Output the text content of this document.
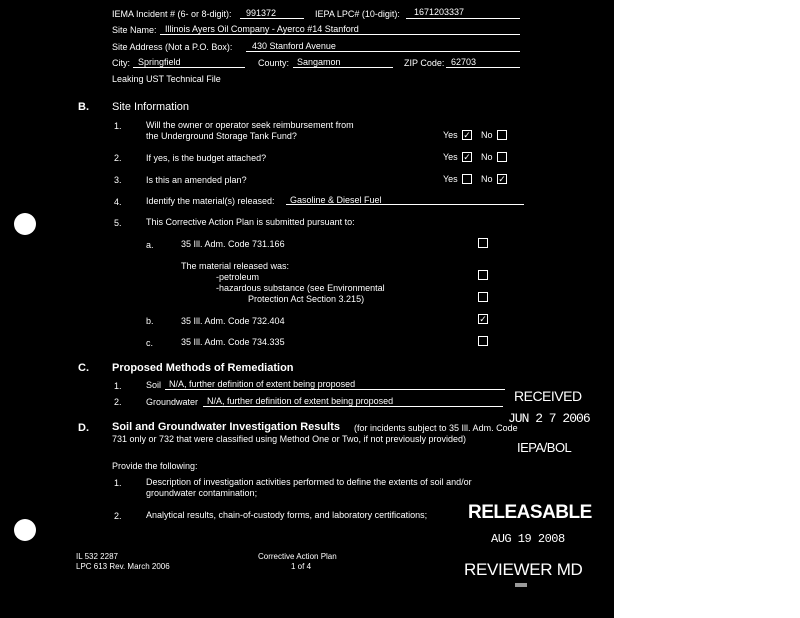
IEMA Incident # (6- or 8-digit): 991372	IEPA LPC# (10-digit): 1671203337
Site Name: Illinois Ayers Oil Company - Ayerco #14 Stanford
Site Address (Not a P.O. Box): 430 Stanford Avenue
City: Springfield	County: Sangamon	ZIP Code: 62703
Leaking UST Technical File
B. Site Information
1.	Will the owner or operator seek reimbursement from
the Underground Storage Tank Fund?	Yes ✓ No
2.	If yes, is the budget attached?	Yes ✓ No
3.	Is this an amended plan?	Yes	No ✓
4.	Identify the material(s) released: Gasoline & Diesel Fuel
5.	This Corrective Action Plan is submitted pursuant to:
a.	35 Ill. Adm. Code 731.166
The material released was:
-petroleum
-hazardous substance (see Environmental
Protection Act Section 3.215)
b.	35 Ill. Adm. Code 732.404	✓
c.	35 Ill. Adm. Code 734.335
C. Proposed Methods of Remediation
1.	Soil N/A, further definition of extent being proposed
2.	Groundwater N/A, further definition of extent being proposed
D. Soil and Groundwater Investigation Results (for incidents subject to 35 Ill. Adm. Code
731 only or 732 that were classified using Method One or Two, if not previously provided)
Provide the following:
1.	Description of investigation activities performed to define the extents of soil and/or
groundwater contamination;
2.	Analytical results, chain-of-custody forms, and laboratory certifications;
IL 532 2287
LPC 613 Rev. March 2006
Corrective Action Plan
1 of 4
RECEIVED
JUN 2 7 2006
IEPA/BOL
RELEASABLE
AUG 19 2008
REVIEWER MD
